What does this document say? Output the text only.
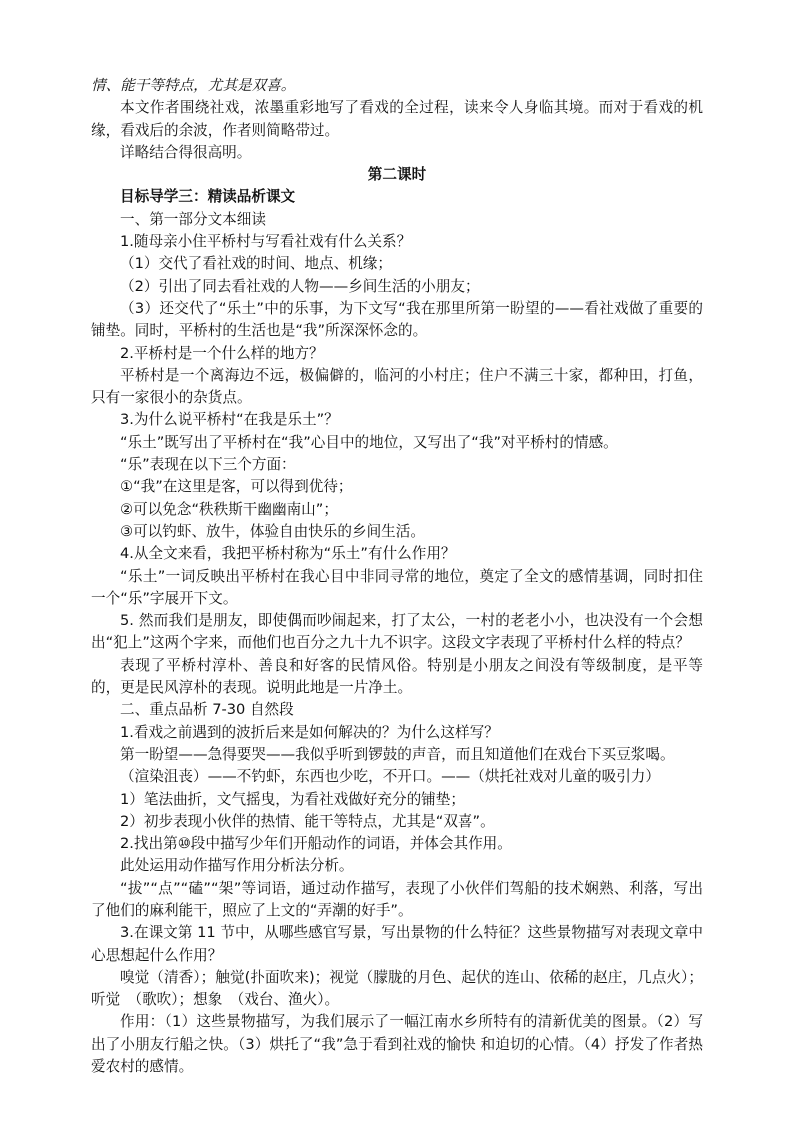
情、能干等特点，尤其是双喜。

本文作者围绕社戏，浓墨重彩地写了看戏的全过程，读来令人身临其境。而对于看戏的机缘，看戏后的余波，作者则简略带过。

详略结合得很高明。

第二课时

目标导学三：精读品析课文

一、第一部分文本细读

1.随母亲小住平桥村与写看社戏有什么关系？

（1）交代了看社戏的时间、地点、机缘；

（2）引出了同去看社戏的人物——乡间生活的小朋友；

（3）还交代了“乐土”中的乐事，为下文写“我在那里所第一盼望的——看社戏做了重要的铺垫。同时，平桥村的生活也是“我”所深深怀念的。

2.平桥村是一个什么样的地方？

平桥村是一个离海边不远，极偏僻的，临河的小村庄；住户不满三十家，都种田，打鱼，只有一家很小的杂货点。

3.为什么说平桥村“在我是乐土”？

“乐土”既写出了平桥村在“我”心目中的地位，又写出了“我”对平桥村的情感。

“乐”表现在以下三个方面：

①“我”在这里是客，可以得到优待；

②可以免念“秩秩斯干幽幽南山”；

③可以钓虾、放牛，体验自由快乐的乡间生活。

4.从全文来看，我把平桥村称为“乐土”有什么作用？

“乐土”一词反映出平桥村在我心目中非同寻常的地位，奠定了全文的感情基调，同时扣住一个“乐”字展开下文。

5. 然而我们是朋友，即使偶而吵闹起来，打了太公，一村的老老小小，也决没有一个会想出“犯上”这两个字来，而他们也百分之九十九不识字。这段文字表现了平桥村什么样的特点？

表现了平桥村淳朴、善良和好客的民情风俗。特别是小朋友之间没有等级制度，是平等的，更是民风淳朴的表现。说明此地是一片净土。

二、重点品析 7-30 自然段

1.看戏之前遇到的波折后来是如何解决的？为什么这样写？

第一盼望——急得要哭——我似乎听到锣鼓的声音，而且知道他们在戏台下买豆浆喝。

（渲染沮丧）——不钓虾，东西也少吃，不开口。——（烘托社戏对儿童的吸引力）

1）笔法曲折，文气摇曳，为看社戏做好充分的铺垫；

2）初步表现小伙伴的热情、能干等特点，尤其是“双喜”。

2.找出第⑩段中描写少年们开船动作的词语，并体会其作用。

此处运用动作描写作用分析法分析。

“拔”“点”“磕”“架”等词语，通过动作描写，表现了小伙伴们驾船的技术娴熟、利落，写出了他们的麻利能干，照应了上文的“弄潮的好手”。

3.在课文第 11 节中，从哪些感官写景，写出景物的什么特征？这些景物描写对表现文章中心思想起什么作用？

嗅觉（清香）；触觉(扑面吹来)；视觉（朦胧的月色、起伏的连山、依稀的赵庄，几点火）；听觉　（歌吹）；想象　（戏台、渔火）。

作用：（1）这些景物描写，为我们展示了一幅江南水乡所特有的清新优美的图景。（2）写出了小朋友行船之快。（3）烘托了“我”急于看到社戏的愉快 和迫切的心情。（4）抒发了作者热爱农村的感情。
